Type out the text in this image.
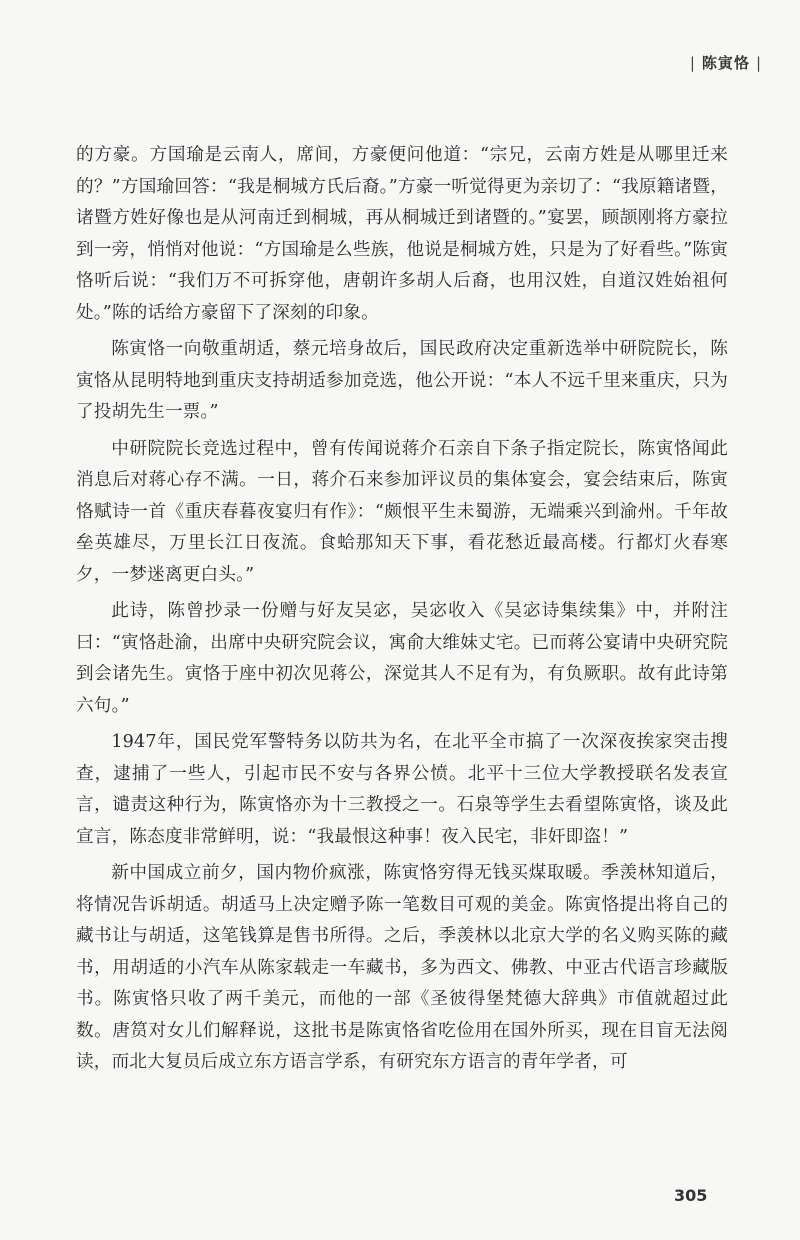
| 陈寅恪 |

的方豪。方国瑜是云南人，席间，方豪便问他道：“宗兄，云南方姓是从哪里迁来的？”方国瑜回答：“我是桐城方氏后裔。”方豪一听觉得更为亲切了：“我原籍诸暨，诸暨方姓好像也是从河南迁到桐城，再从桐城迁到诸暨的。”宴罢，顾颉刚将方豪拉到一旁，悄悄对他说：“方国瑜是么些族，他说是桐城方姓，只是为了好看些。”陈寅恪听后说：“我们万不可拆穿他，唐朝许多胡人后裔，也用汉姓，自道汉姓始祖何处。”陈的话给方豪留下了深刻的印象。

陈寅恪一向敬重胡适，蔡元培身故后，国民政府决定重新选举中研院院长，陈寅恪从昆明特地到重庆支持胡适参加竞选，他公开说：“本人不远千里来重庆，只为了投胡先生一票。”

中研院院长竞选过程中，曾有传闻说蒋介石亲自下条子指定院长，陈寅恪闻此消息后对蒋心存不满。一日，蒋介石来参加评议员的集体宴会，宴会结束后，陈寅恪赋诗一首《重庆春暮夜宴归有作》：“颇恨平生未蜀游，无端乘兴到渝州。千年故垒英雄尽，万里长江日夜流。食蛤那知天下事，看花愁近最高楼。行都灯火春寒夕，一梦迷离更白头。”

此诗，陈曾抄录一份赠与好友吴宓，吴宓收入《吴宓诗集续集》中，并附注曰：“寅恪赴渝，出席中央研究院会议，寓俞大维妹丈宅。已而蒋公宴请中央研究院到会诸先生。寅恪于座中初次见蒋公，深觉其人不足有为，有负厥职。故有此诗第六句。”

1947年，国民党军警特务以防共为名，在北平全市搞了一次深夜挨家突击搜查，逮捕了一些人，引起市民不安与各界公愤。北平十三位大学教授联名发表宣言，谴责这种行为，陈寅恪亦为十三教授之一。石泉等学生去看望陈寅恪，谈及此宣言，陈态度非常鲜明，说：“我最恨这种事！夜入民宅，非奸即盗！”

新中国成立前夕，国内物价疯涨，陈寅恪穷得无钱买煤取暖。季羡林知道后，将情况告诉胡适。胡适马上决定赠予陈一笔数目可观的美金。陈寅恪提出将自己的藏书让与胡适，这笔钱算是售书所得。之后，季羡林以北京大学的名义购买陈的藏书，用胡适的小汽车从陈家载走一车藏书，多为西文、佛教、中亚古代语言珍藏版书。陈寅恪只收了两千美元，而他的一部《圣彼得堡梵德大辞典》市值就超过此数。唐筼对女儿们解释说，这批书是陈寅恪省吃俭用在国外所买，现在目盲无法阅读，而北大复员后成立东方语言学系，有研究东方语言的青年学者，可

305
